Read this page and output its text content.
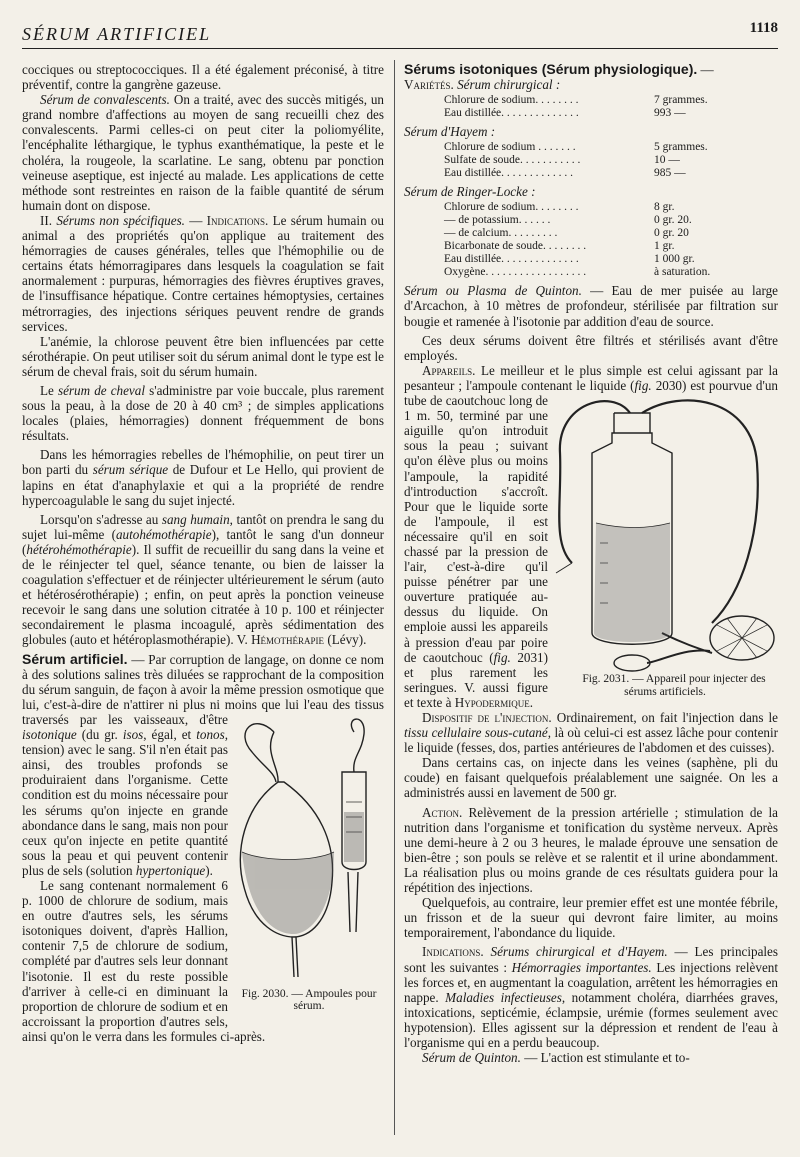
SÉRUM ARTIFICIEL	1118

cocciques ou streptococciques. Il a été également préconisé, à titre préventif, contre la gangrène gazeuse.

Sérum de convalescents. On a traité, avec des succès mitigés, un grand nombre d'affections au moyen de sang recueilli chez des convalescents. Parmi celles-ci on peut citer la poliomyélite, l'encéphalite léthargique, le typhus exanthématique, la peste et le choléra, la rougeole, la scarlatine. Le sang, obtenu par ponction veineuse aseptique, est injecté au malade. Les applications de cette méthode sont restreintes en raison de la faible quantité de sérum humain dont on dispose.

II. Sérums non spécifiques. — Indications. Le sérum humain ou animal a des propriétés qu'on applique au traitement des hémorragies de causes générales, telles que l'hémophilie ou de certains états hémorragipares dans lesquels la coagulation se fait anormalement : purpuras, hémorragies des fièvres éruptives graves, de l'insuffisance hépatique. Contre certaines hémoptysies, certaines métrorragies, des injections sériques peuvent rendre de grands services.

L'anémie, la chlorose peuvent être bien influencées par cette sérothérapie. On peut utiliser soit du sérum animal dont le type est le sérum de cheval frais, soit du sérum humain.

Le sérum de cheval s'administre par voie buccale, plus rarement sous la peau, à la dose de 20 à 40 cm³ ; de simples applications locales (plaies, hémorragies) donnent fréquemment de bons résultats.

Dans les hémorragies rebelles de l'hémophilie, on peut tirer un bon parti du sérum sérique de Dufour et Le Hello, qui provient de lapins en état d'anaphylaxie et qui a la propriété de rendre hypercoagulable le sang du sujet injecté.

Lorsqu'on s'adresse au sang humain, tantôt on prendra le sang du sujet lui-même (autohémothérapie), tantôt le sang d'un donneur (hétérohémothérapie). Il suffit de recueillir du sang dans la veine et de le réinjecter tel quel, séance tenante, ou bien de laisser la coagulation s'effectuer et de réinjecter ultérieurement le sérum (auto et hétérosérothérapie) ; enfin, on peut après la ponction veineuse recevoir le sang dans une solution citratée à 10 p. 100 et réinjecter secondairement le plasma incoagulé, après sédimentation des globules (auto et hétéroplasmothérapie). V. Hémothérapie (Lévy).

Sérum artificiel. — Par corruption de langage, on donne ce nom à des solutions salines très diluées se rapprochant de la composition du sérum sanguin, de façon à avoir la même pression osmotique que lui, c'est-à-dire de n'attirer ni plus ni moins que lui l'eau des tissus traversés par les vaisseaux, d'être
Fig. 2030. — Ampoules pour sérum.
isotonique (du gr. isos, égal, et tonos, tension) avec le sang. S'il n'en était pas ainsi, des troubles profonds se produiraient dans l'organisme. Cette condition est du moins nécessaire pour les sérums qu'on injecte en grande abondance dans le sang, mais non pour ceux qu'on injecte en petite quantité sous la peau et qui peuvent contenir plus de sels (solution hypertonique).

Le sang contenant normalement 6 p. 1000 de chlorure de sodium, mais en outre d'autres sels, les sérums isotoniques doivent, d'après Hallion, contenir 7,5 de chlorure de sodium, complété par d'autres sels leur donnant l'isotonie. Il est du reste possible d'arriver à celle-ci en diminuant la proportion de chlorure de sodium et en accroissant la proportion d'autres sels, ainsi qu'on le verra dans les formules ci-après.

Sérums isotoniques (Sérum physiologique). —

Variétés. Sérum chirurgical :

Chlorure de sodium. . . . . . . .	7 grammes.
Eau distillée. . . . . . . . . . . . . .	993 —

Sérum d'Hayem :

Chlorure de sodium . . . . . . .	5 grammes.
Sulfate de soude. . . . . . . . . . .	10 —
Eau distillée. . . . . . . . . . . . .	985 —

Sérum de Ringer-Locke :

Chlorure de sodium. . . . . . . .	8 gr.
— de potassium. . . . . .	0 gr. 20.
— de calcium. . . . . . . . .	0 gr. 20
Bicarbonate de soude. . . . . . . .	1 gr.
Eau distillée. . . . . . . . . . . . . .	1 000 gr.
Oxygène. . . . . . . . . . . . . . . . . .	à saturation.

Sérum ou Plasma de Quinton. — Eau de mer puisée au large d'Arcachon, à 10 mètres de profondeur, stérilisée par filtration sur bougie et ramenée à l'isotonie par addition d'eau de source.

Ces deux sérums doivent être filtrés et stérilisés avant d'être employés.

Appareils. Le meilleur et le plus simple est celui agissant par la pesanteur ; l'ampoule contenant le liquide (fig.
Fig. 2031. — Appareil pour injecter des sérums artificiels.
2030) est pourvue d'un tube de caoutchouc long de 1 m. 50, terminé par une aiguille qu'on introduit sous la peau ; suivant qu'on élève plus ou moins l'ampoule, la rapidité d'introduction s'accroît. Pour que le liquide sorte de l'ampoule, il est nécessaire qu'il en soit chassé par la pression de l'air, c'est-à-dire qu'il puisse pénétrer par une ouverture pratiquée au-dessus du liquide. On emploie aussi les appareils à pression d'eau par poire de caoutchouc (fig. 2031) et plus rarement les seringues. V. aussi figure et texte à Hypodermique.

Dispositif de l'injection. Ordinairement, on fait l'injection dans le tissu cellulaire sous-cutané, là où celui-ci est assez lâche pour contenir le liquide (fesses, dos, parties antérieures de l'abdomen et des cuisses).

Dans certains cas, on injecte dans les veines (saphène, pli du coude) en faisant quelquefois préalablement une saignée. On les a administrés aussi en lavement de 500 gr.

Action. Relèvement de la pression artérielle ; stimulation de la nutrition dans l'organisme et tonification du système nerveux. Après une demi-heure à 2 ou 3 heures, le malade éprouve une sensation de bien-être ; son pouls se relève et se ralentit et il urine abondamment. La réalisation plus ou moins grande de ces résultats guidera pour la répétition des injections.

Quelquefois, au contraire, leur premier effet est une montée fébrile, un frisson et de la sueur qui devront faire limiter, au moins temporairement, l'abondance du liquide.

Indications. Sérums chirurgical et d'Hayem. — Les principales sont les suivantes : Hémorragies importantes. Les injections relèvent les forces et, en augmentant la coagulation, arrêtent les hémorragies en nappe. Maladies infectieuses, notamment choléra, diarrhées graves, intoxications, septicémie, éclampsie, urémie (formes seulement avec hypotension). Elles agissent sur la dépression et rendent de l'eau à l'organisme qui en a perdu beaucoup.

Sérum de Quinton. — L'action est stimulante et to-
